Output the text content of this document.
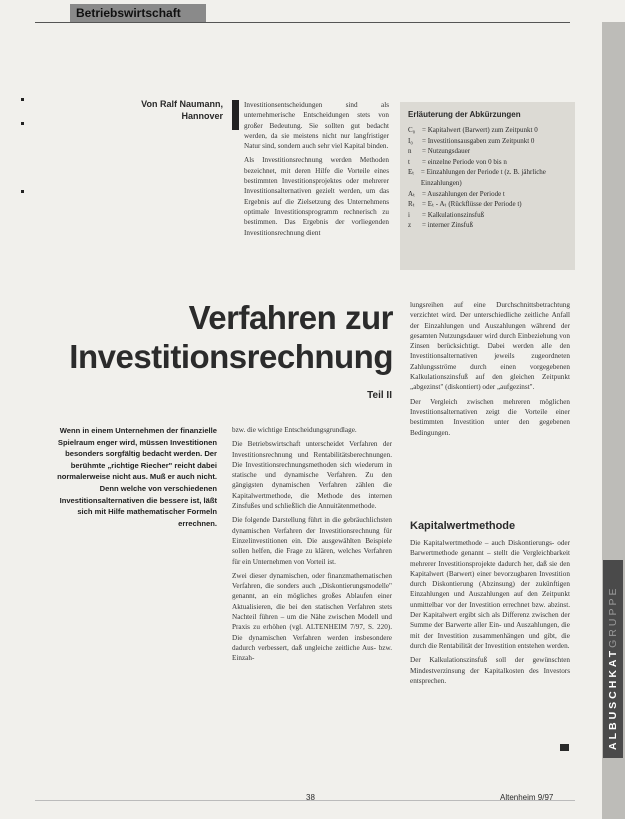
Betriebswirtschaft
Von Ralf Naumann,
Hannover

Investitionsentscheidungen sind als unternehmerische Entscheidungen stets von großer Bedeutung. Sie sollten gut bedacht werden, da sie meistens nicht nur langfristiger Natur sind, sondern auch sehr viel Kapital binden.

Als Investitionsrechnung werden Methoden bezeichnet, mit deren Hilfe die Vorteile eines bestimmten Investitionsprojektes oder mehrerer Investitionsalternativen gezielt werden, um das Ergebnis auf die Zielsetzung des Unternehmens optimale Investitionsprogramm rechnerisch zu bestimmen. Das Ergebnis der vorliegenden Investitionsrechnung dient

Erläuterung der Abkürzungen
C₀ = Kapitalwert (Barwert) zum Zeitpunkt 0
I₀	= Investitionsausgaben zum Zeitpunkt 0
n	= Nutzungsdauer
t	= einzelne Periode von 0 bis n
Eₜ = Einzahlungen der Periode t (z. B. jährliche Einzahlungen)
Aₜ = Auszahlungen der Periode t
Rₜ	= Eₜ - Aₜ (Rückflüsse der Periode t)
i	= Kalkulationszinsfuß
z	= interner Zinsfuß
Verfahren zur
Investitionsrechnung
Teil II
Wenn in einem Unternehmen der finanzielle Spielraum enger wird, müssen Investitionen besonders sorgfältig bedacht werden. Der berühmte „richtige Riecher" reicht dabei normalerweise nicht aus. Muß er auch nicht. Denn welche von verschiedenen Investitionsalternativen die bessere ist, läßt sich mit Hilfe mathematischer Formeln errechnen.

bzw. die wichtige Entscheidungsgrundlage.

Die Betriebswirtschaft unterscheidet Verfahren der Investitionsrechnung und Rentabilitätsberechnungen. Die Investitionsrechnungsmethoden sich wiederum in statische und dynamische Verfahren. Zu den gängigsten dynamischen Verfahren zählen die Kapitalwertmethode, die Methode des internen Zinsfußes und schließlich die Annuitätenmethode.

Die folgende Darstellung führt in die gebräuchlichsten dynamischen Verfahren der Investitionsrechnung für Einzelinvestitionen ein. Die ausgewählten Beispiele sollen helfen, die Frage zu klären, welches Verfahren für ein Unternehmen von Vorteil ist.

Zwei dieser dynamischen, oder finanzmathematischen Verfahren, die sonders auch „Diskontierungsmodelle" genannt, an ein mögliches großes Ablaufen einer Aktualisieren, die bei den statischen Verfahren stets Nachteil führen – um die Nähe zwischen Modell und Praxis zu erhöhen (vgl. ALTENHEIM 7/97, S. 220). Die dynamischen Verfahren werden insbesondere dadurch verbessert, daß ungleiche zeitliche Aus- bzw. Einzah-

lungsreihen auf eine Durchschnittsbetrachtung verzichtet wird. Der unterschiedliche zeitliche Anfall der Einzahlungen und Auszahlungen während der gesamten Nutzungsdauer wird durch Einbeziehung von Zinsen berücksichtigt. Dabei werden alle den Investitionsalternativen jeweils zugeordneten Zahlungsströme durch einen vorgegebenen Kalkulationszinsfuß auf den gleichen Zeitpunkt „abgezinst" (diskontiert) oder „aufgezinst".

Der Vergleich zwischen mehreren möglichen Investitionsalternativen zeigt die Vorteile einer bestimmten Investition unter den gegebenen Bedingungen.

Kapitalwertmethode

Die Kapitalwertmethode – auch Diskontierungs- oder Barwertmethode genannt – stellt die Vergleichbarkeit mehrerer Investitionsprojekte dadurch her, daß sie den Kapitalwert (Barwert) einer bevorzugbaren Investition durch Diskontierung (Abzinsung) der zukünftigen Einzahlungen und Auszahlungen auf den Zeitpunkt unmittelbar vor der Investition errechnet bzw. abzinst. Der Kapitalwert ergibt sich als Differenz zwischen der Summe der Barwerte aller Ein- und Auszahlungen, die mit der Investition zusammenhängen und gibt, die durch die Rentabilität der Investition entstehen werden.

Der Kalkulationszinsfuß soll der gewünschten Mindestverzinsung der Kapitalkosten des Investors entsprechen.	ALBUSCHKATGRUPPE
38	Altenheim 9/97
